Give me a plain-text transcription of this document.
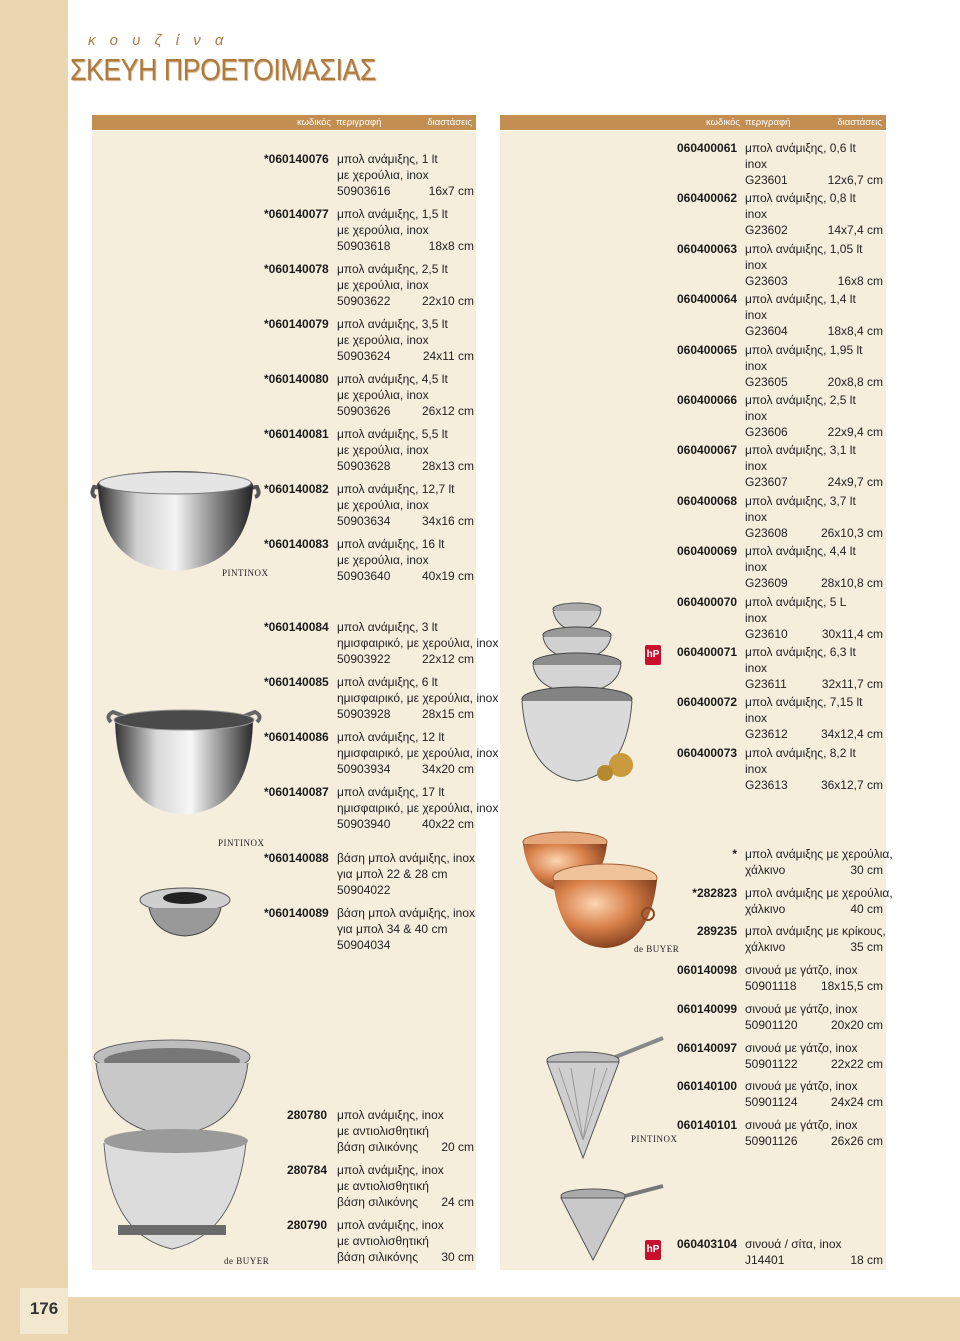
176
κ ο υ ζ ί ν α
ΣΚΕΥΗ ΠΡΟΕΤΟΙΜΑΣΙΑΣ
κωδικός περιγραφή	διαστάσεις	κωδικός περιγραφή	διαστάσεις
PINTINOX
PINTINOX
de BUYER
hP
de BUYER
PINTINOX
hP
*060140076 μπολ ανάμιξης, 1 lt
με χερούλια, inox
50903616	16x7 cm
*060140077 μπολ ανάμιξης, 1,5 lt
με χερούλια, inox
50903618	18x8 cm
*060140078 μπολ ανάμιξης, 2,5 lt
με χερούλια, inox
50903622	22x10 cm
*060140079 μπολ ανάμιξης, 3,5 lt
με χερούλια, inox
50903624	24x11 cm
*060140080 μπολ ανάμιξης, 4,5 lt
με χερούλια, inox
50903626	26x12 cm
*060140081 μπολ ανάμιξης, 5,5 lt
με χερούλια, inox
50903628	28x13 cm
*060140082 μπολ ανάμιξης, 12,7 lt
με χερούλια, inox
50903634	34x16 cm
*060140083 μπολ ανάμιξης, 16 lt
με χερούλια, inox
50903640	40x19 cm
*060140084 μπολ ανάμιξης, 3 lt
ημισφαιρικό, με χερούλια, inox
50903922	22x12 cm
*060140085 μπολ ανάμιξης, 6 lt
ημισφαιρικό, με χερούλια, inox
50903928	28x15 cm
*060140086 μπολ ανάμιξης, 12 lt
ημισφαιρικό, με χερούλια, inox
50903934	34x20 cm
*060140087 μπολ ανάμιξης, 17 lt
ημισφαιρικό, με χερούλια, inox
50903940	40x22 cm
*060140088 βάση μπολ ανάμιξης, inox
για μπολ 22 & 28 cm
50904022
*060140089 βάση μπολ ανάμιξης, inox
για μπολ 34 & 40 cm
50904034
280780 μπολ ανάμιξης, inox
με αντιολισθητική
βάση σιλικόνης 20 cm
280784 μπολ ανάμιξης, inox
με αντιολισθητική
βάση σιλικόνης 24 cm
280790 μπολ ανάμιξης, inox
με αντιολισθητική
βάση σιλικόνης 30 cm
060400061 μπολ ανάμιξης, 0,6 lt
inox
G23601	12x6,7 cm
060400062 μπολ ανάμιξης, 0,8 lt
inox
G23602	14x7,4 cm
060400063 μπολ ανάμιξης, 1,05 lt
inox
G23603	16x8 cm
060400064 μπολ ανάμιξης, 1,4 lt
inox
G23604	18x8,4 cm
060400065 μπολ ανάμιξης, 1,95 lt
inox
G23605	20x8,8 cm
060400066 μπολ ανάμιξης, 2,5 lt
inox
G23606	22x9,4 cm
060400067 μπολ ανάμιξης, 3,1 lt
inox
G23607	24x9,7 cm
060400068 μπολ ανάμιξης, 3,7 lt
inox
G23608	26x10,3 cm
060400069 μπολ ανάμιξης, 4,4 lt
inox
G23609	28x10,8 cm
060400070 μπολ ανάμιξης, 5 L
inox
G23610	30x11,4 cm
060400071 μπολ ανάμιξης, 6,3 lt
inox
G23611	32x11,7 cm
060400072 μπολ ανάμιξης, 7,15 lt
inox
G23612	34x12,4 cm
060400073 μπολ ανάμιξης, 8,2 lt
inox
G23613	36x12,7 cm
* μπολ ανάμιξης με χερούλια,
χάλκινο	30 cm
*282823 μπολ ανάμιξης με χερούλια,
χάλκινο	40 cm
289235 μπολ ανάμιξης με κρίκους,
χάλκινο	35 cm
060140098 σινουά με γάτζο, inox
50901118 18x15,5 cm
060140099 σινουά με γάτζο, inox
50901120	20x20 cm
060140097 σινουά με γάτζο, inox
50901122	22x22 cm
060140100 σινουά με γάτζο, inox
50901124	24x24 cm
060140101 σινουά με γάτζο, inox
50901126	26x26 cm
060403104 σινουά / σίτα, inox
J14401	18 cm
